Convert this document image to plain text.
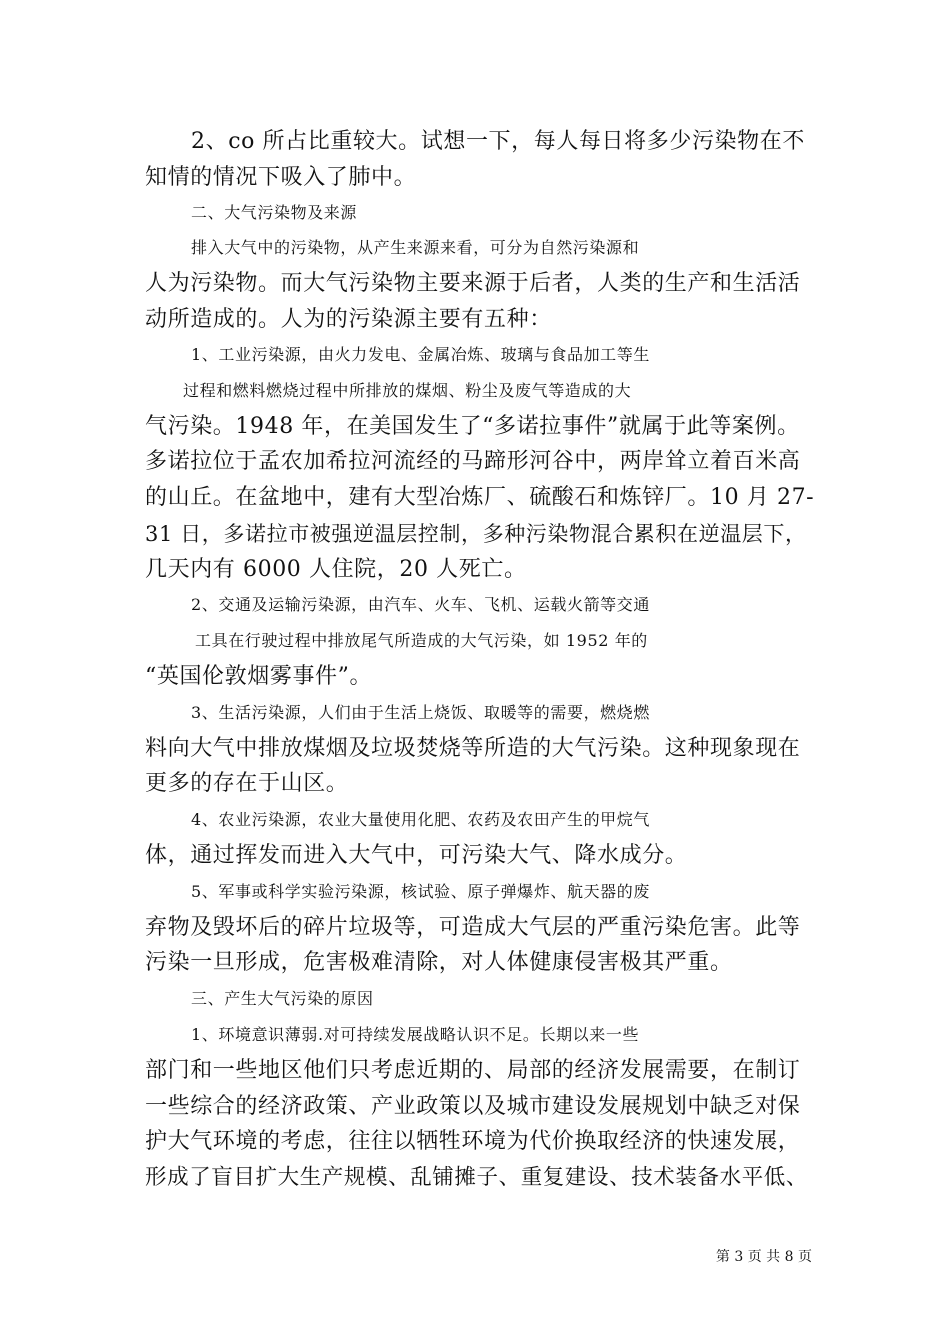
2、co 所占比重较大。试想一下，每人每日将多少污染物在不
知情的情况下吸入了肺中。
二、大气污染物及来源
排入大气中的污染物，从产生来源来看，可分为自然污染源和
人为污染物。而大气污染物主要来源于后者，人类的生产和生活活
动所造成的。人为的污染源主要有五种：
1、工业污染源，由火力发电、金属冶炼、玻璃与食品加工等生
过程和燃料燃烧过程中所排放的煤烟、粉尘及废气等造成的大
气污染。1948 年，在美国发生了“多诺拉事件”就属于此等案例。
多诺拉位于孟农加希拉河流经的马蹄形河谷中，两岸耸立着百米高
的山丘。在盆地中，建有大型冶炼厂、硫酸石和炼锌厂。10 月 27-
31 日，多诺拉市被强逆温层控制，多种污染物混合累积在逆温层下，
几天内有 6000 人住院，20 人死亡。
2、交通及运输污染源，由汽车、火车、飞机、运载火箭等交通
工具在行驶过程中排放尾气所造成的大气污染，如 1952 年的
“英国伦敦烟雾事件”。
3、生活污染源，人们由于生活上烧饭、取暖等的需要，燃烧燃
料向大气中排放煤烟及垃圾焚烧等所造的大气污染。这种现象现在
更多的存在于山区。
4、农业污染源，农业大量使用化肥、农药及农田产生的甲烷气
体，通过挥发而进入大气中，可污染大气、降水成分。
5、军事或科学实验污染源，核试验、原子弹爆炸、航天器的废
弃物及毁坏后的碎片垃圾等，可造成大气层的严重污染危害。此等
污染一旦形成，危害极难清除，对人体健康侵害极其严重。
三、产生大气污染的原因
1、环境意识薄弱.对可持续发展战略认识不足。长期以来一些
部门和一些地区他们只考虑近期的、局部的经济发展需要，在制订
一些综合的经济政策、产业政策以及城市建设发展规划中缺乏对保
护大气环境的考虑，往往以牺牲环境为代价换取经济的快速发展，
形成了盲目扩大生产规模、乱铺摊子、重复建设、技术装备水平低、
第 3 页 共 8 页
